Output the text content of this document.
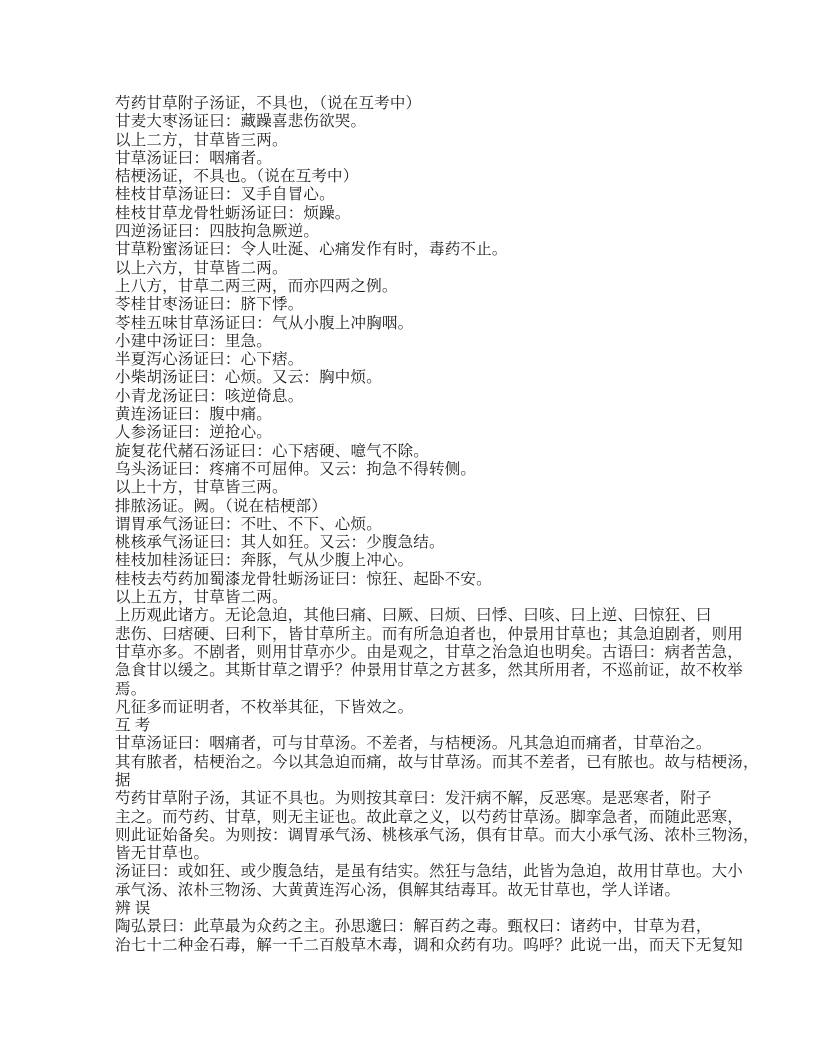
芍药甘草附子汤证，不具也，（说在互考中）
甘麦大枣汤证曰：藏躁喜悲伤欲哭。
以上二方，甘草皆三两。
甘草汤证曰：咽痛者。
桔梗汤证，不具也。（说在互考中）
桂枝甘草汤证曰：叉手自冒心。
桂枝甘草龙骨牡蛎汤证曰：烦躁。
四逆汤证曰：四肢拘急厥逆。
甘草粉蜜汤证曰：令人吐涎、心痛发作有时，毒药不止。
以上六方，甘草皆二两。
上八方，甘草二两三两，而亦四两之例。
苓桂甘枣汤证曰：脐下悸。
苓桂五味甘草汤证曰：气从小腹上冲胸咽。
小建中汤证曰：里急。
半夏泻心汤证曰：心下痞。
小柴胡汤证曰：心烦。又云：胸中烦。
小青龙汤证曰：咳逆倚息。
黄连汤证曰：腹中痛。
人参汤证曰：逆抢心。
旋复花代赭石汤证曰：心下痞硬、噫气不除。
乌头汤证曰：疼痛不可屈伸。又云：拘急不得转侧。
以上十方，甘草皆三两。
排脓汤证。阙。（说在桔梗部）
谓胃承气汤证曰：不吐、不下、心烦。
桃核承气汤证曰：其人如狂。又云：少腹急结。
桂枝加桂汤证曰：奔豚，气从少腹上冲心。
桂枝去芍药加蜀漆龙骨牡蛎汤证曰：惊狂、起卧不安。
以上五方，甘草皆二两。
上历观此诸方。无论急迫，其他曰痛、曰厥、曰烦、曰悸、曰咳、曰上逆、曰惊狂、曰
悲伤、曰痞硬、曰利下，皆甘草所主。而有所急迫者也，仲景用甘草也；其急迫剧者，则用
甘草亦多。不剧者，则用甘草亦少。由是观之，甘草之治急迫也明矣。古语曰：病者苦急，
急食甘以缓之。其斯甘草之谓乎？仲景用甘草之方甚多，然其所用者，不巡前证，故不枚举
焉。
凡征多而证明者，不枚举其征，下皆效之。
互 考
甘草汤证曰：咽痛者，可与甘草汤。不差者，与桔梗汤。凡其急迫而痛者，甘草治之。
其有脓者，桔梗治之。今以其急迫而痛，故与甘草汤。而其不差者，已有脓也。故与桔梗汤，
据
芍药甘草附子汤，其证不具也。为则按其章曰：发汗病不解，反恶寒。是恶寒者，附子
主之。而芍药、甘草，则无主证也。故此章之义，以芍药甘草汤。脚挛急者，而随此恶寒，
则此证始备矣。为则按：调胃承气汤、桃核承气汤，俱有甘草。而大小承气汤、浓朴三物汤，
皆无甘草也。
汤证曰：或如狂、或少腹急结，是虽有结实。然狂与急结，此皆为急迫，故用甘草也。大小
承气汤、浓朴三物汤、大黄黄连泻心汤，俱解其结毒耳。故无甘草也，学人详诸。
辨 误
陶弘景曰：此草最为众药之主。孙思邈曰：解百药之毒。甄权曰：诸药中，甘草为君，
治七十二种金石毒，解一千二百般草木毒，调和众药有功。呜呼？此说一出，而天下无复知
